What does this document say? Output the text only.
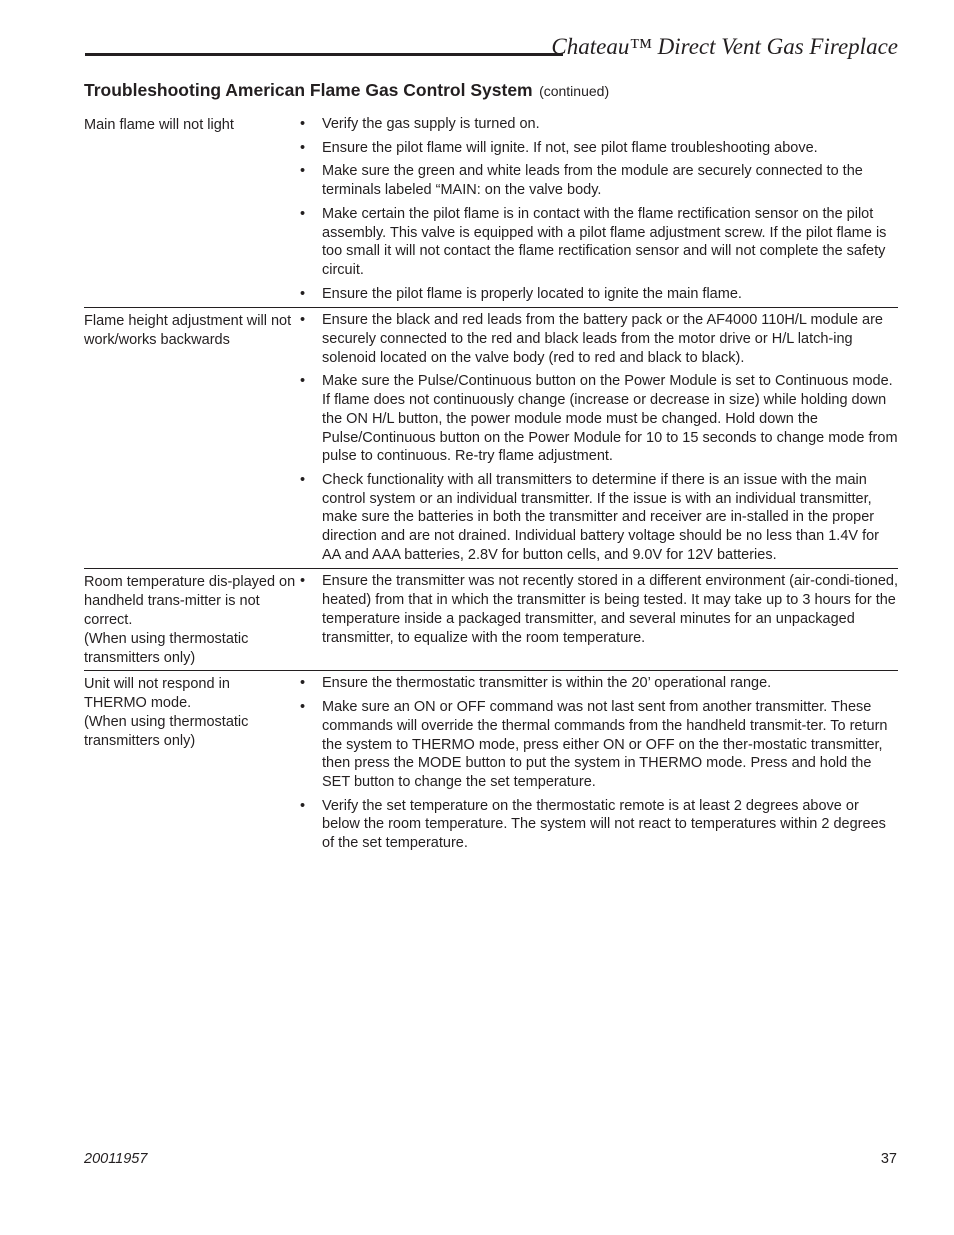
Chateau™ Direct Vent Gas Fireplace
Troubleshooting American Flame Gas Control System (continued)
Main flame will not light	•	Verify the gas supply is turned on.
•	Ensure the pilot flame will ignite. If not, see pilot flame troubleshooting above.
•	Make sure the green and white leads from the module are securely connected to the terminals labeled “MAIN: on the valve body.
•	Make certain the pilot flame is in contact with the flame rectification sensor on the pilot assembly. This valve is equipped with a pilot flame adjustment screw. If the pilot flame is too small it will not contact the flame rectification sensor and will not complete the safety circuit.
•	Ensure the pilot flame is properly located to ignite the main flame.
Flame height adjustment will not work/works backwards
•	Ensure the black and red leads from the battery pack or the AF4000 110H/L module are securely connected to the red and black leads from the motor drive or H/L latch-ing solenoid located on the valve body (red to red and black to black).
•	Make sure the Pulse/Continuous button on the Power Module is set to Continuous mode. If flame does not continuously change (increase or decrease in size) while holding down the ON H/L button, the power module mode must be changed. Hold down the Pulse/Continuous button on the Power Module for 10 to 15 seconds to change mode from pulse to continuous. Re-try flame adjustment.
•	Check functionality with all transmitters to determine if there is an issue with the main control system or an individual transmitter. If the issue is with an individual transmitter, make sure the batteries in both the transmitter and receiver are in-stalled in the proper direction and are not drained. Individual battery voltage should be no less than 1.4V for AA and AAA batteries, 2.8V for button cells, and 9.0V for 12V batteries.
Room temperature dis-played on handheld trans-mitter is not correct.
(When using thermostatic transmitters only)
•	Ensure the transmitter was not recently stored in a different environment (air-condi-tioned, heated) from that in which the transmitter is being tested. It may take up to 3 hours for the temperature inside a packaged transmitter, and several minutes for an unpackaged transmitter, to equalize with the room temperature.
Unit will not respond in THERMO mode.
(When using thermostatic transmitters only)
•	Ensure the thermostatic transmitter is within the 20’ operational range.
•	Make sure an ON or OFF command was not last sent from another transmitter. These commands will override the thermal commands from the handheld transmit-ter. To return the system to THERMO mode, press either ON or OFF on the ther-mostatic transmitter, then press the MODE button to put the system in THERMO mode. Press and hold the SET button to change the set temperature.
•	Verify the set temperature on the thermostatic remote is at least 2 degrees above or below the room temperature. The system will not react to temperatures within 2 degrees of the set temperature.
20011957	37
